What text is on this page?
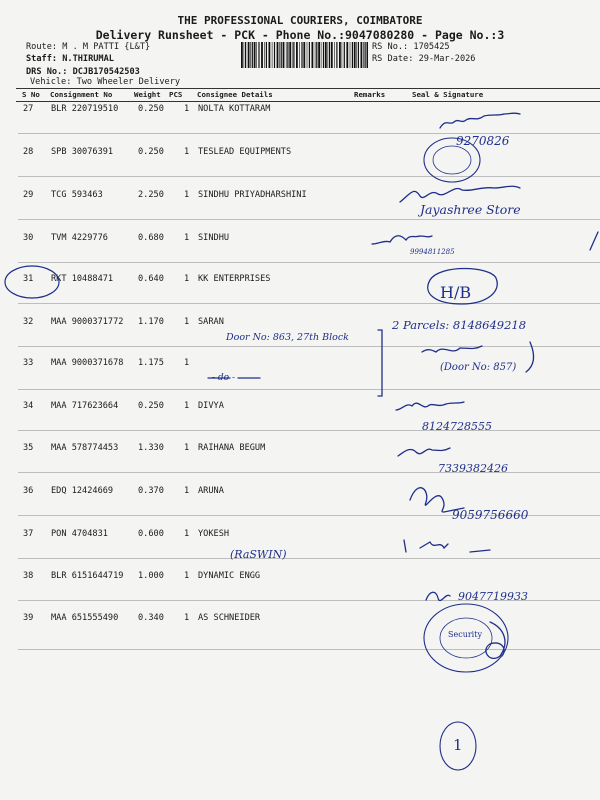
THE PROFESSIONAL COURIERS, COIMBATORE
Delivery Runsheet - PCK - Phone No.:9047080280 - Page No.:3
Route: M . M PATTI {L&T}
Staff: N.THIRUMAL
DRS No.: DCJB170542503
Vehicle: Two Wheeler Delivery
RS No.: 1705425
RS Date: 29-Mar-2026
S No Consignment No	Weight PCS Consignee Details	Remarks	Seal & Signature
27 BLR 220719510 0.250 1 NOLTA KOTTARAM
28 SPB 30076391	0.250 1 TESLEAD EQUIPMENTS
29 TCG 593463	2.250 1 SINDHU PRIYADHARSHINI
30 TVM 4229776	0.680 1 SINDHU
31 RKT 10488471	0.640 1 KK ENTERPRISES
32 MAA 9000371772 1.170 1 SARAN
33 MAA 9000371678 1.175 1
34 MAA 717623664 0.250 1 DIVYA
35 MAA 578774453 1.330 1 RAIHANA BEGUM
36 EDQ 12424669	0.370 1 ARUNA
37 PON 4704831	0.600 1 YOKESH
38 BLR 6151644719 1.000 1 DYNAMIC ENGG
39 MAA 651555490 0.340 1 AS SCHNEIDER
9270826
Jayashree Store
9994811285
H/B
Door No: 863, 27th Block
2 Parcels: 8148649218
(Door No: 857)
- do -
8124728555
7339382426
9059756660
(RaSWIN)
9047719933
Security
1
